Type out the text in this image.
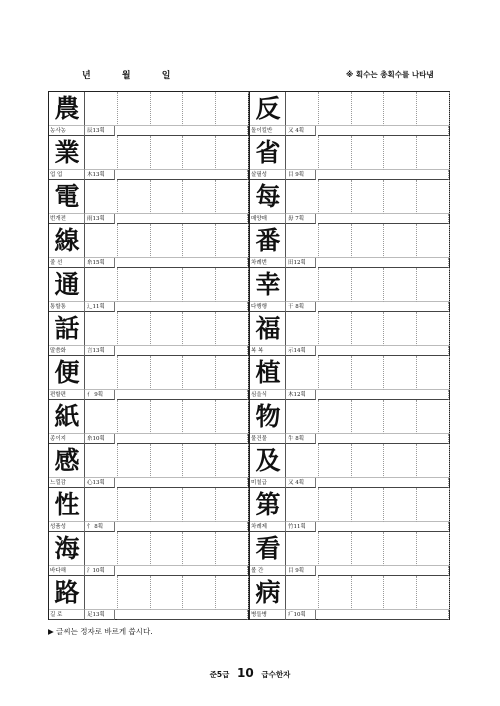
년	월	일	※ 획수는 총획수를 나타냄
農
농사농	辰13획
業
업 업	木13획
電
번개전	雨13획
線
줄 선	糸15획
通
통할통	辶11획
話
말씀화	言13획
便
편할편	亻 9획
紙
종이지	糸10획
感
느낄감	心13획
性
성품성	忄 8획
海
바다해	氵10획
路
길 로	足13획
反
돌이킬반	又 4획
省
살필성	目 9획
每
매양매	毋 7획
番
차례번	田12획
幸
다행행	干 8획
福
복 복	示14획
植
심을식	木12획
物
물건물	牛 8획
及
미칠급	又 4획
第
차례제	竹11획
看
볼 간	目 9획
病
병들병	疒10획
▶ 글씨는 정자로 바르게 씁시다.
준5급 10 급수한자
